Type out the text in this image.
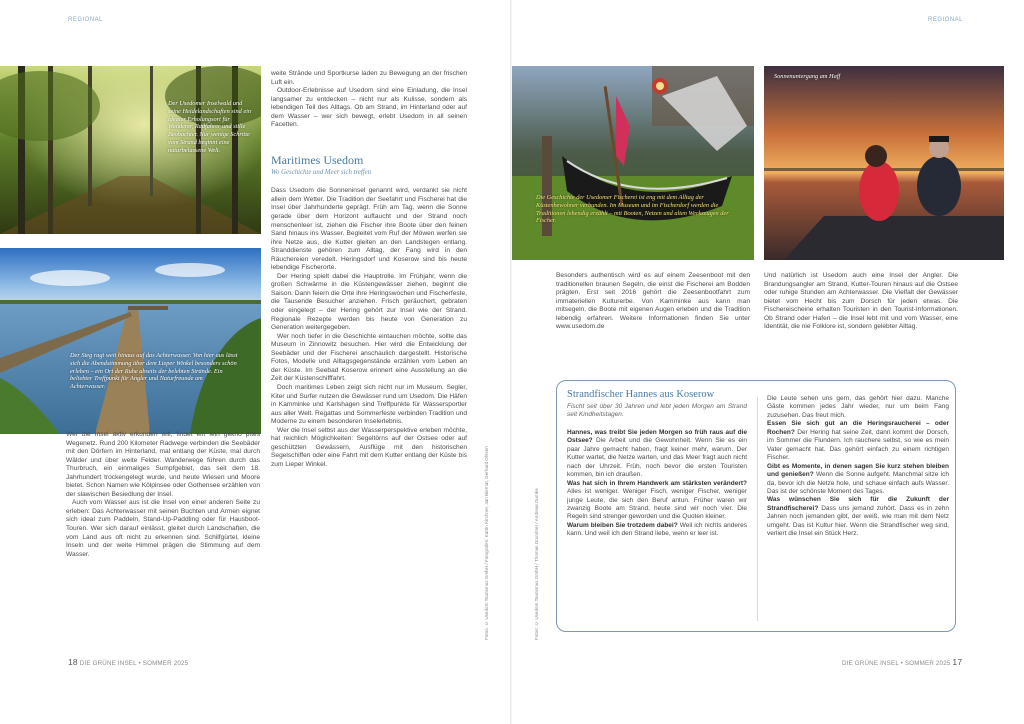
REGIONAL
Der Usedomer Inselwald und seine Heidelandschaften sind ein idealer Erholungsort für Wanderer, Radfahrer und stille Beobachter. Nur wenige Schritte vom Strand beginnt eine naturbelassene Welt.
Der Steg ragt weit hinaus auf das Achterwasser. Von hier aus lässt sich die Abendstimmung über dem Lieper Winkel besonders schön erleben – ein Ort der Ruhe abseits der belebten Strände. Ein beliebter Treffpunkt für Angler und Naturfreunde am Achterwasser.

Wer die Insel aktiv erkunden will, findet ein fein gekno pftes Wegenetz. Rund 200 Kilometer Radwege verbinden die Seebäder mit den Dörfern im Hinterland, mal entlang der Küste, mal durch Wälder und über weite Felder. Wanderwege führen durch das Thurbruch, ein einmaliges Sumpfgebiet, das seit dem 18. Jahrhundert trockengelegt wurde, und heute Wiesen und Moore bietet. Schon Namen wie Kölpinsee oder Gothensee erzählen von der slawischen Besiedlung der Insel.

Auch vom Wasser aus ist die Insel von einer anderen Seite zu erleben: Das Achterwasser mit seinen Buchten und Armen eignet sich ideal zum Paddeln, Stand-Up-Paddling oder für Hausboot-Touren. Wer sich darauf einlässt, gleitet durch Landschaften, die vom Land aus oft nicht zu erkennen sind. Schilfgürtel, kleine Inseln und der weite Himmel prägen die Stimmung auf dem Wasser.

weite Strände und Sportkurse laden zu Bewegung an der frischen Luft ein.

Outdoor-Erlebnisse auf Usedom sind eine Einladung, die Insel langsamer zu entdecken – nicht nur als Kulisse, sondern als lebendigen Teil des Alltags. Ob am Strand, im Hinterland oder auf dem Wasser – wer sich bewegt, erlebt Usedom in all seinen Facetten.

Maritimes Usedom
Wo Geschichte und Meer sich treffen

Dass Usedom die Sonneninsel genannt wird, verdankt sie nicht allein dem Wetter. Die Tradition der Seefahrt und Fischerei hat die Insel über Jahrhunderte geprägt. Früh am Tag, wenn die Sonne gerade über dem Horizont auftaucht und der Strand noch menschenleer ist, ziehen die Fischer ihre Boote über den feinen Sand hinaus ins Wasser. Begleitet vom Ruf der Möwen werfen sie ihre Netze aus, die Kutter gleiten an den Landstegen entlang. Stranddienste gehören zum Alltag, der Fang wird in den Räuchereien veredelt. Heringsdorf und Koserow sind bis heute lebendige Fischerorte.

Der Hering spielt dabei die Hauptrolle. Im Frühjahr, wenn die großen Schwärme in die Küstengewässer ziehen, beginnt die Saison. Dann feiern die Orte ihre Heringswochen und Fischerfeste, die Tausende Besucher anziehen. Frisch geräuchert, gebraten oder eingelegt – der Hering gehört zur Insel wie der Strand. Regionale Rezepte werden bis heute von Generation zu Generation weitergegeben.

Wer noch tiefer in die Geschichte eintauchen möchte, sollte das Museum in Zinnowitz besuchen. Hier wird die Entwicklung der Seebäder und der Fischerei anschaulich dargestellt. Historische Fotos, Modelle und Alltagsgegenstände erzählen vom Leben an der Küste. Im Seebad Koserow erinnert eine Ausstellung an die Zeit der Küstenschifffahrt.

Doch maritimes Leben zeigt sich nicht nur im Museum. Segler, Kiter und Surfer nutzen die Gewässer rund um Usedom. Die Häfen in Kamminke und Karlshagen sind Treffpunkte für Wassersportler aus aller Welt. Regattas und Sommerfeste verbinden Tradition und Moderne zu einem besonderen Inselerlebnis.

Wer die Insel selbst aus der Wasserperspektive erleben möchte, hat reichlich Möglichkeiten: Segeltörns auf der Ostsee oder auf geschützten Gewässern, Ausflüge mit den historischen Segelschiffen oder eine Fahrt mit dem Kutter entlang der Küste bis zum Lieper Winkel.	Fotos: © Usedom Tourismus GmbH / Fotografen: Katrin Kirchner, Jan Biernat, Gerhard Ohlsen
18 DIE GRÜNE INSEL • SOMMER 2025
REGIONAL
Fotos: © Usedom Tourismus GmbH / Thomas Grundner / Andreas Dumke
Die Geschichte der Usedomer Fischerei ist eng mit dem Alltag der Küstenbewohner verbunden. Im Museum und im Fischerdorf werden die Traditionen lebendig erzählt – mit Booten, Netzen und alten Werkzeugen der Fischer.
Sonnenuntergang am Haff

Besonders authentisch wird es auf einem Zeesenboot mit den traditionellen braunen Segeln, die einst die Fischerei am Bodden prägten. Erst seit 2016 gehört die Zeesenbootfahrt zum immateriellen Kulturerbe. Von Kamminke aus kann man mitsegeln, die Boote mit eigenen Augen erleben und die Tradition lebendig erfahren. Weitere Informationen finden Sie unter www.usedom.de

Und natürlich ist Usedom auch eine Insel der Angler. Die Brandungsangler am Strand, Kutter-Touren hinaus auf die Ostsee oder ruhige Stunden am Achterwasser. Die Vielfalt der Gewässer bietet vom Hecht bis zum Dorsch für jeden etwas. Die Fischereischeine erhalten Touristen in den Tourist-Informationen. Ob Strand oder Hafen – die Insel lebt mit und vom Wasser, eine Identität, die nie Folklore ist, sondern gelebter Alltag.

DIE GRÜNE INSEL • SOMMER 2025 17
Strandfischer Hannes aus Koserow
Fischt seit über 30 Jahren und lebt jeden Morgen am Strand seit Kindheitstagen.

Hannes, was treibt Sie jeden Morgen so früh raus auf die Ostsee? Die Arbeit und die Gewohnheit. Wenn Sie es ein paar Jahre gemacht haben, fragt keiner mehr, warum. Der Kutter wartet, die Netze warten, und das Meer fragt auch nicht nach der Uhrzeit. Früh, noch bevor die ersten Touristen kommen, bin ich draußen.

Was hat sich in Ihrem Handwerk am stärksten verändert? Alles ist weniger. Weniger Fisch, weniger Fischer, weniger junge Leute, die sich den Beruf antun. Früher waren wir zwanzig Boote am Strand, heute sind wir noch vier. Die Regeln sind strenger geworden und die Quoten kleiner.

Warum bleiben Sie trotzdem dabei? Weil ich nichts anderes kann. Und weil ich den Strand liebe, wenn er leer ist.

Die Leute sehen uns gern, das gehört hier dazu. Manche Gäste kommen jedes Jahr wieder, nur um beim Fang zuzusehen. Das freut mich.

Essen Sie sich gut an die Heringsraucherei – oder Rochen? Der Hering hat seine Zeit, dann kommt der Dorsch, im Sommer die Flundern. Ich rauchere selbst, so wie es mein Vater gemacht hat. Das gehört einfach zu einem richtigen Fischer.

Gibt es Momente, in denen sagen Sie kurz stehen bleiben und genießen? Wenn die Sonne aufgeht. Manchmal sitze ich da, bevor ich die Netze hole, und schaue einfach aufs Wasser. Das ist der schönste Moment des Tages.

Was wünschen Sie sich für die Zukunft der Strandfischerei? Dass uns jemand zuhört. Dass es in zehn Jahren noch jemanden gibt, der weiß, wie man mit dem Netz umgeht. Das ist Kultur hier. Wenn die Strandfischer weg sind, verliert die Insel ein Stück Herz.
